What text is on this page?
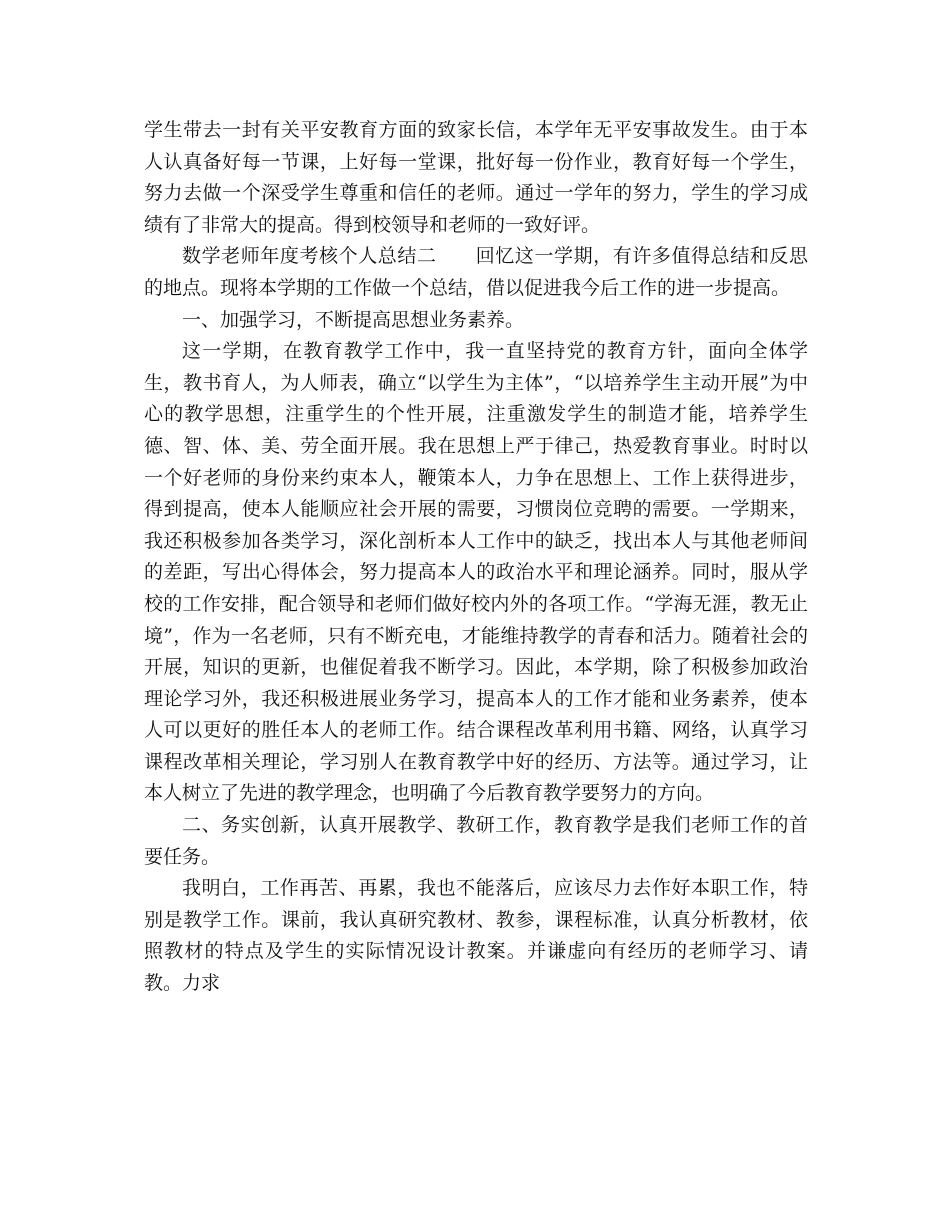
学生带去一封有关平安教育方面的致家长信，本学年无平安事故发生。由于本人认真备好每一节课，上好每一堂课，批好每一份作业，教育好每一个学生，努力去做一个深受学生尊重和信任的老师。通过一学年的努力，学生的学习成绩有了非常大的提高。得到校领导和老师的一致好评。

数学老师年度考核个人总结二　　回忆这一学期，有许多值得总结和反思的地点。现将本学期的工作做一个总结，借以促进我今后工作的进一步提高。

一、加强学习，不断提高思想业务素养。

这一学期，在教育教学工作中，我一直坚持党的教育方针，面向全体学生，教书育人，为人师表，确立“以学生为主体”，“以培养学生主动开展”为中心的教学思想，注重学生的个性开展，注重激发学生的制造才能，培养学生德、智、体、美、劳全面开展。我在思想上严于律己，热爱教育事业。时时以一个好老师的身份来约束本人，鞭策本人，力争在思想上、工作上获得进步，得到提高，使本人能顺应社会开展的需要，习惯岗位竞聘的需要。一学期来，我还积极参加各类学习，深化剖析本人工作中的缺乏，找出本人与其他老师间的差距，写出心得体会，努力提高本人的政治水平和理论涵养。同时，服从学校的工作安排，配合领导和老师们做好校内外的各项工作。“学海无涯，教无止境”，作为一名老师，只有不断充电，才能维持教学的青春和活力。随着社会的开展，知识的更新，也催促着我不断学习。因此，本学期，除了积极参加政治理论学习外，我还积极进展业务学习，提高本人的工作才能和业务素养，使本人可以更好的胜任本人的老师工作。结合课程改革利用书籍、网络，认真学习课程改革相关理论，学习别人在教育教学中好的经历、方法等。通过学习，让本人树立了先进的教学理念，也明确了今后教育教学要努力的方向。

二、务实创新，认真开展教学、教研工作，教育教学是我们老师工作的首要任务。

我明白，工作再苦、再累，我也不能落后，应该尽力去作好本职工作，特别是教学工作。课前，我认真研究教材、教参，课程标准，认真分析教材，依照教材的特点及学生的实际情况设计教案。并谦虚向有经历的老师学习、请教。力求
